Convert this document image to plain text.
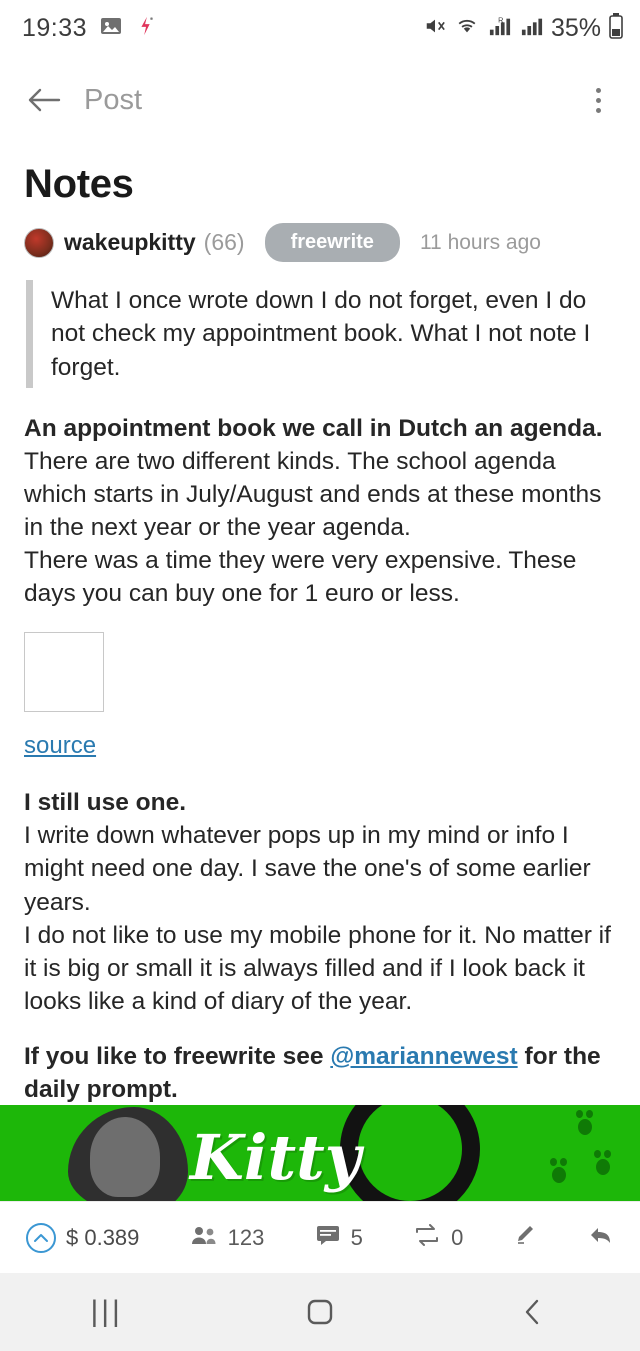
19:33	R 35%
Post
Notes
wakeupkitty (66)	freewrite	11 hours ago

What I once wrote down I do not forget, even I do not check my appointment book. What I not note I forget.

An appointment book we call in Dutch an agenda.

There are two different kinds. The school agenda which starts in July/August and ends at these months in the next year or the year agenda.

There was a time they were very expensive. These days you can buy one for 1 euro or less.

source

I still use one.

I write down whatever pops up in my mind or info I might need one day. I save the one's of some earlier years.

I do not like to use my mobile phone for it. No matter if it is big or small it is always filled and if I look back it looks like a kind of diary of the year.

If you like to freewrite see @mariannewest for the daily prompt.

Kitty
$ 0.389	123	5	0
|||
